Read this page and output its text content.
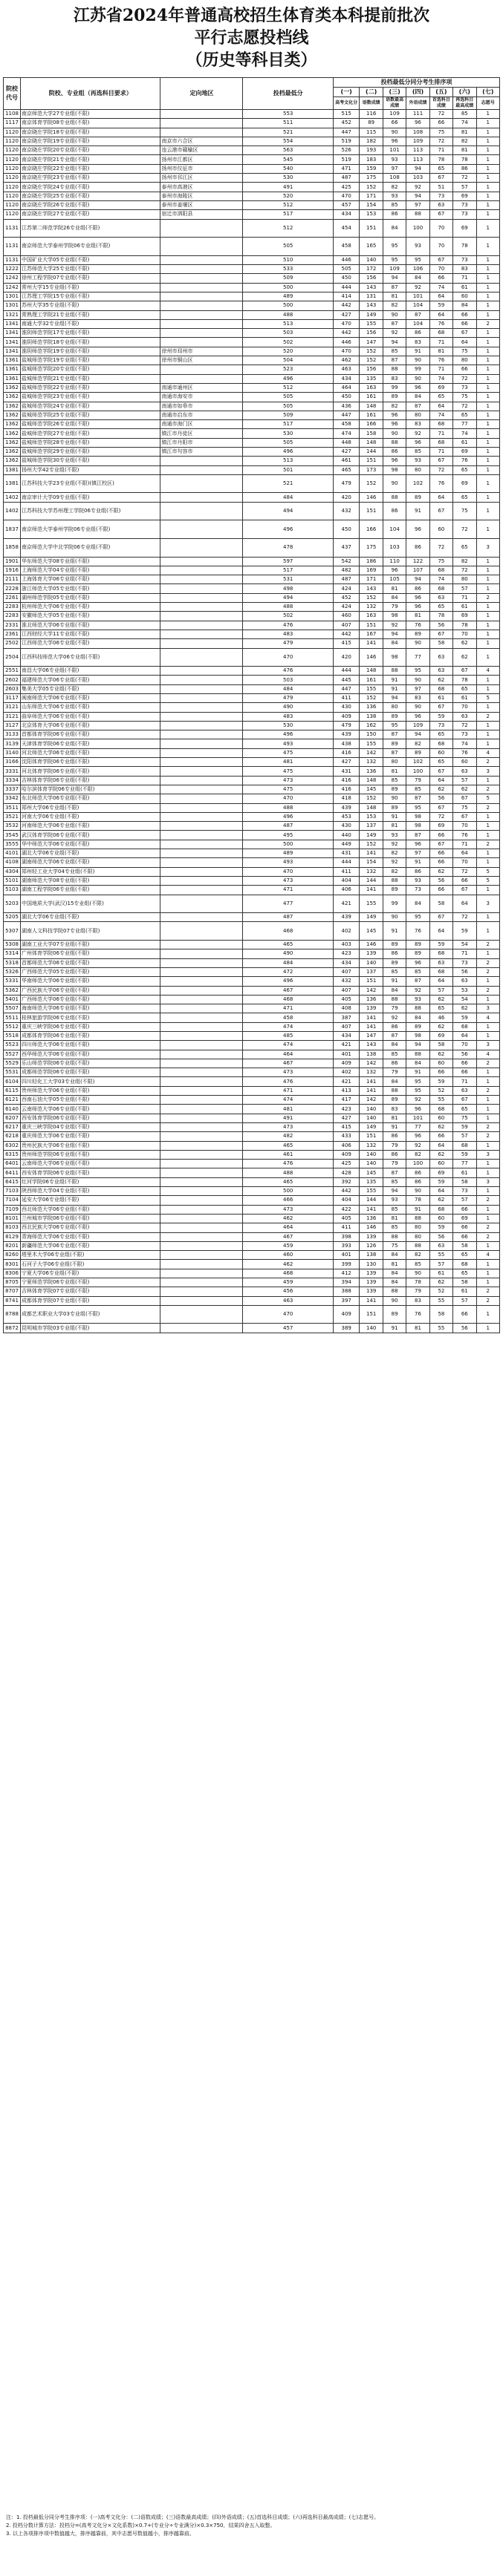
江苏省2024年普通高校招生体育类本科提前批次
平行志愿投档线
（历史等科目类）
院校代号	院校、专业组（再选科目要求）	定向地区	投档最低分	投档最低分同分考生排序项						
				(一)	(二)	(三)	(四)	(五)	(六)	(七)
				高考文化分	语数成绩	语数最高成绩	外语成绩	首选科目成绩	再选科目最高成绩	志愿号
1108	南京师范大学27专业组(不限)		553	515	116	109	111	72	85	1
1117	南京体育学院08专业组(不限)		511	452	89	66	96	66	74	1
1120	南京晓庄学院18专业组(不限)		521	447	115	90	108	75	81	1
1120	南京晓庄学院19专业组(不限)	南京市六合区	554	519	182	96	109	72	82	1
1120	南京晓庄学院20专业组(不限)	连云港市赣榆区	563	526	193	101	113	71	81	1
1120	南京晓庄学院21专业组(不限)	扬州市江都区	545	519	183	93	113	78	78	1
1120	南京晓庄学院22专业组(不限)	扬州市仪征市	540	471	159	97	94	65	86	1
1120	南京晓庄学院23专业组(不限)	扬州市邗江区	530	487	175	108	103	67	72	1
1120	南京晓庄学院24专业组(不限)	泰州市高港区	491	425	152	82	92	51	57	1
1120	南京晓庄学院25专业组(不限)	泰州市海陵区	520	470	171	93	94	73	69	1
1120	南京晓庄学院26专业组(不限)	泰州市姜堰区	512	457	154	85	97	63	73	1
1120	南京晓庄学院27专业组(不限)	宿迁市泗阳县	517	434	153	86	88	67	73	1
1131	江苏第二师范学院26专业组(不限)		512	454	151	84	100	70	69	1
1131	南京师范大学泰州学院06专业组(不限)		505	458	165	95	93	70	78	1
1131	中国矿业大学05专业组(不限)		510	446	140	95	95	67	73	1
1222	江苏师范大学25专业组(不限)		533	505	172	109	106	70	83	1
1242	徐州工程学院07专业组(不限)		509	450	156	94	84	66	71	1
1242	常州大学15专业组(不限)		500	444	143	87	92	74	61	1
1301	江苏理工学院15专业组(不限)		489	414	131	81	101	64	60	1
1301	苏州大学35专业组(不限)		500	442	143	82	104	59	84	1
1321	常熟理工学院21专业组(不限)		488	427	149	90	87	64	66	1
1341	南通大学32专业组(不限)		513	470	155	87	104	76	66	2
1341	淮阴师范学院17专业组(不限)		503	442	156	92	86	68	67	1
1341	淮阴师范学院18专业组(不限)		502	446	147	94	83	71	64	1
1341	淮阴师范学院19专业组(不限)	徐州市邳州市	520	470	152	85	91	81	75	1
1361	盐城师范学院19专业组(不限)	徐州市铜山区	504	462	152	87	90	76	80	1
1361	盐城师范学院20专业组(不限)		523	463	156	88	99	71	66	1
1361	盐城师范学院21专业组(不限)		496	434	135	83	90	74	72	1
1362	盐城师范学院22专业组(不限)	南通市通州区	512	464	163	99	96	69	73	1
1362	盐城师范学院23专业组(不限)	南通市海安市	505	450	161	89	84	65	75	1
1362	盐城师范学院24专业组(不限)	南通市如皋市	505	436	148	82	87	64	72	1
1362	盐城师范学院25专业组(不限)	南通市启东市	509	447	161	96	80	74	65	1
1362	盐城师范学院26专业组(不限)	南通市海门区	517	458	166	96	83	68	77	1
1362	盐城师范学院27专业组(不限)	镇江市丹徒区	530	474	158	90	92	71	74	1
1362	盐城师范学院28专业组(不限)	镇江市丹阳市	505	448	148	88	96	68	61	1
1362	盐城师范学院29专业组(不限)	镇江市句容市	496	427	144	86	85	71	69	1
1362	盐城师范学院30专业组(不限)		513	461	151	96	93	67	76	1
1381	扬州大学42专业组(不限)		501	465	173	98	80	72	65	1
1381	江苏科技大学23专业组(不限)(镇江校区)		521	479	152	90	102	76	69	1
1402	南京审计大学09专业组(不限)		484	420	146	88	89	64	65	1
1402	江苏科技大学苏州理工学院06专业组(不限)		494	432	151	86	91	67	75	1
1837	南京师范大学泰州学院06专业组(不限)		496	450	166	104	96	60	72	1
1858	南京师范大学中北学院06专业组(不限)		478	437	175	103	86	72	65	3
1901	华东师范大学08专业组(不限)		597	542	186	110	122	75	82	1
1916	上海师范大学04专业组(不限)		517	482	169	96	107	68	72	1
2111	上海体育大学06专业组(不限)		531	487	171	105	94	74	80	1
2228	浙江师范大学05专业组(不限)		498	424	143	81	86	68	57	1
2261	湖州师范学院05专业组(不限)		494	452	152	84	96	63	71	2
2283	杭州师范大学06专业组(不限)		488	424	132	79	96	65	61	1
2283	安徽师范大学05专业组(不限)		502	460	163	98	81	78	69	1
2331	淮北师范大学06专业组(不限)		476	407	151	92	76	56	78	1
2361	江西财经大学11专业组(不限)		483	442	167	94	89	67	70	1
2502	江西师范大学06专业组(不限)		479	415	141	84	90	58	62	1
2504	江西科技师范大学06专业组(不限)		470	420	146	98	77	63	62	1
2551	南昌大学06专业组(不限)		476	444	148	88	95	63	67	4
2602	福建师范大学06专业组(不限)		503	445	161	91	90	62	78	1
2603	集美大学05专业组(不限)		484	447	155	91	97	68	65	1
3117	闽南师范大学06专业组(不限)		479	411	152	94	83	61	61	5
3121	山东师范大学06专业组(不限)		490	430	136	80	90	67	70	1
3121	曲阜师范大学06专业组(不限)		483	409	138	89	96	59	63	2
3127	北京体育大学06专业组(不限)		530	479	162	95	109	73	72	1
3133	首都体育学院06专业组(不限)		496	439	150	87	94	65	73	1
3139	天津体育学院06专业组(不限)		493	438	155	89	82	68	74	1
3140	河北师范大学06专业组(不限)		475	416	142	87	89	60	76	4
3166	沈阳体育学院06专业组(不限)		481	427	132	80	102	65	60	2
3331	河北体育学院06专业组(不限)		475	431	136	81	100	67	63	3
3334	吉林体育学院06专业组(不限)		473	416	148	85	79	64	57	1
3337	哈尔滨体育学院06专业组(不限)		475	416	145	89	85	62	62	2
3342	东北师范大学06专业组(不限)		470	418	152	90	87	56	67	5
3511	郑州大学06专业组(不限)		488	439	148	89	95	67	75	2
3521	河南大学06专业组(不限)		496	453	153	91	98	72	67	1
3532	河南师范大学06专业组(不限)		487	430	137	81	98	69	70	1
3545	武汉体育学院06专业组(不限)		495	440	149	93	87	66	76	1
3555	华中师范大学06专业组(不限)		500	449	152	92	96	67	71	2
4101	湖北大学06专业组(不限)		489	431	141	82	97	66	64	1
4108	湖南师范大学06专业组(不限)		493	444	154	92	91	66	70	1
4304	郑州轻工业大学04专业组(不限)		470	411	132	82	86	62	72	5
5101	湖南师范大学08专业组(不限)		473	404	144	88	93	56	66	5
5103	湖南工程学院06专业组(不限)		471	406	141	89	73	66	67	1
5203	中国地质大学(武汉)15专业组(不限)		477	421	155	99	84	58	64	3
5205	湖北大学06专业组(不限)		487	439	149	90	95	67	72	1
5307	湖南人文科技学院07专业组(不限)		468	402	145	91	76	64	59	1
5308	湖南工业大学07专业组(不限)		465	403	146	89	89	59	54	2
5314	广州体育学院06专业组(不限)		490	423	139	86	89	68	71	1
5318	首都师范大学06专业组(不限)		484	434	140	89	96	63	73	2
5326	广西师范大学05专业组(不限)		472	407	137	85	85	68	56	2
5331	华南师范大学06专业组(不限)		496	432	151	91	87	64	63	1
5362	广西民族大学06专业组(不限)		467	407	142	84	92	57	53	2
5401	广西师范大学06专业组(不限)		468	405	136	88	93	62	54	1
5507	海南师范大学06专业组(不限)		471	408	139	79	88	65	62	3
5511	桂林旅游学院06专业组(不限)		458	387	141	92	84	46	59	4
5512	重庆三峡学院06专业组(不限)		474	407	141	86	89	62	68	1
5518	成都体育学院06专业组(不限)		485	434	147	87	98	69	64	1
5523	四川师范大学06专业组(不限)		474	421	143	84	94	58	70	3
5527	西华师范大学06专业组(不限)		464	401	138	85	88	62	56	4
5529	乐山师范学院06专业组(不限)		467	409	142	86	84	60	66	2
5531	成都师范学院06专业组(不限)		473	402	132	79	91	66	66	1
6104	四川轻化工大学03专业组(不限)		476	421	141	84	95	59	71	1
6115	贵州师范大学06专业组(不限)		471	413	141	88	95	52	63	2
6121	西南石油大学05专业组(不限)		474	417	142	89	92	55	67	1
6140	云南师范大学06专业组(不限)		481	423	140	83	96	68	65	1
6207	西安体育学院06专业组(不限)		491	427	140	81	101	60	75	1
6217	重庆三峡学院04专业组(不限)		473	415	149	91	77	62	59	2
6218	重庆师范大学06专业组(不限)		482	433	151	86	96	66	57	2
6302	贵州民族大学06专业组(不限)		465	406	132	79	92	64	68	1
6315	贵州师范学院06专业组(不限)		461	409	140	86	82	62	59	3
6401	云南师范大学06专业组(不限)		476	425	140	79	100	60	77	1
6411	西安体育学院06专业组(不限)		488	428	145	87	86	69	61	1
6415	红河学院06专业组(不限)		465	392	135	85	86	59	58	3
7103	陕西师范大学04专业组(不限)		500	442	155	94	90	64	73	1
7104	延安大学06专业组(不限)		466	404	144	93	78	62	57	2
7109	西北师范大学06专业组(不限)		473	422	141	85	91	68	66	1
8101	兰州城市学院06专业组(不限)		462	405	136	81	88	60	69	1
8103	西北民族大学06专业组(不限)		464	411	146	85	80	59	66	2
8129	青海师范大学06专业组(不限)		467	398	139	88	80	56	66	2
8201	新疆师范大学06专业组(不限)		459	393	126	75	88	63	58	1
8260	塔里木大学06专业组(不限)		460	401	138	84	82	55	65	4
8301	石河子大学06专业组(不限)		462	399	130	81	85	57	68	1
8306	宁夏大学06专业组(不限)		468	412	139	84	90	61	65	1
8705	宁夏师范学院06专业组(不限)		459	394	139	84	78	62	58	1
8707	吉林体育学院07专业组(不限)		456	388	139	88	79	52	61	2
8741	成都体育学院07专业组(不限)		463	397	141	90	83	55	57	2
8788	成都艺术职业大学03专业组(不限)		470	409	151	89	76	58	66	1
8872	昆明城市学院03专业组(不限)		457	389	140	91	81	55	56	1

注：1. 投档最低分同分考生排序项：(一)高考文化分：(二)语数成绩；(三)语数最高成绩；(四)外语成绩；(五)首选科目成绩；(六)再选科目最高成绩；(七)志愿号。

2. 投档分数计算方法：投档分=(高考文化分×文化系数)×0.7+(专业分÷专业满分)×0.3×750，结果四舍五入取整。

3. 以上各项排序项中数值越大，排序越靠前，其中志愿号数值越小，排序越靠前。
